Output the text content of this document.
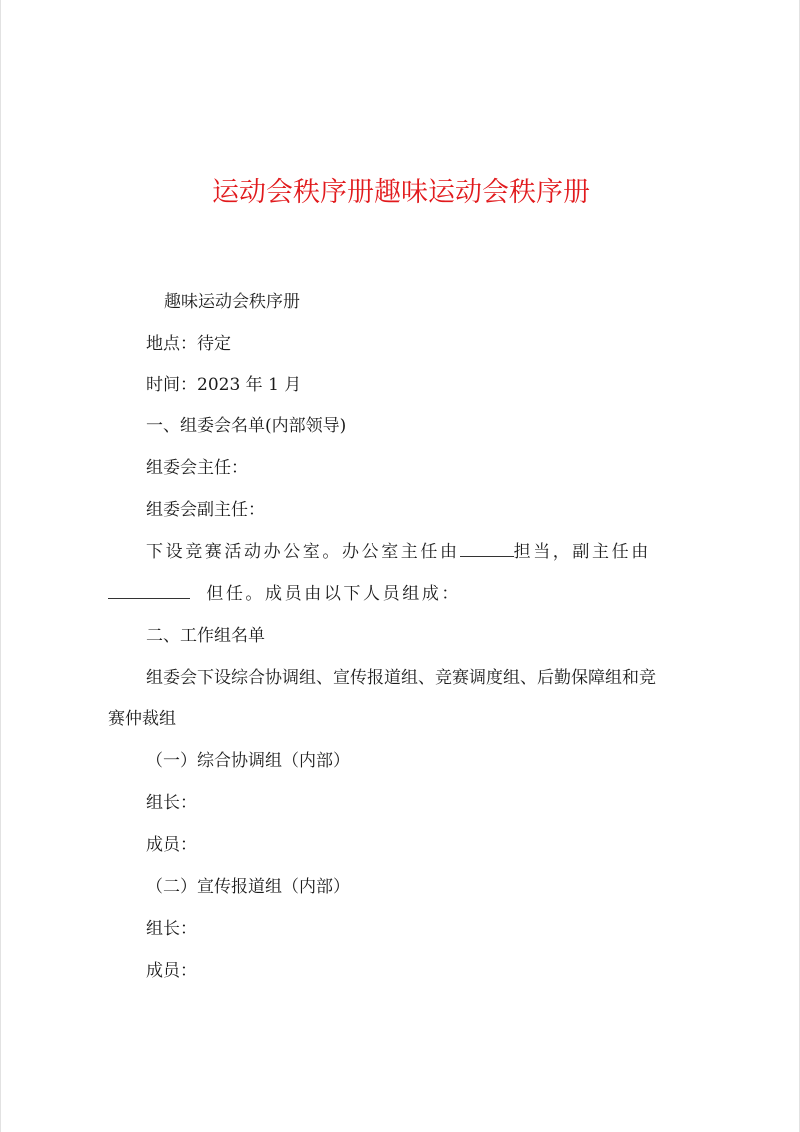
运动会秩序册趣味运动会秩序册
趣味运动会秩序册
地点：待定
时间：2023 年 1 月
一、组委会名单(内部领导)
组委会主任：
组委会副主任：
下设竞赛活动办公室。办公室主任由	担当，副主任由
但任。成员由以下人员组成：
二、工作组名单
组委会下设综合协调组、宣传报道组、竞赛调度组、后勤保障组和竞
赛仲裁组
（一）综合协调组（内部）
组长：
成员：
（二）宣传报道组（内部）
组长：
成员：
